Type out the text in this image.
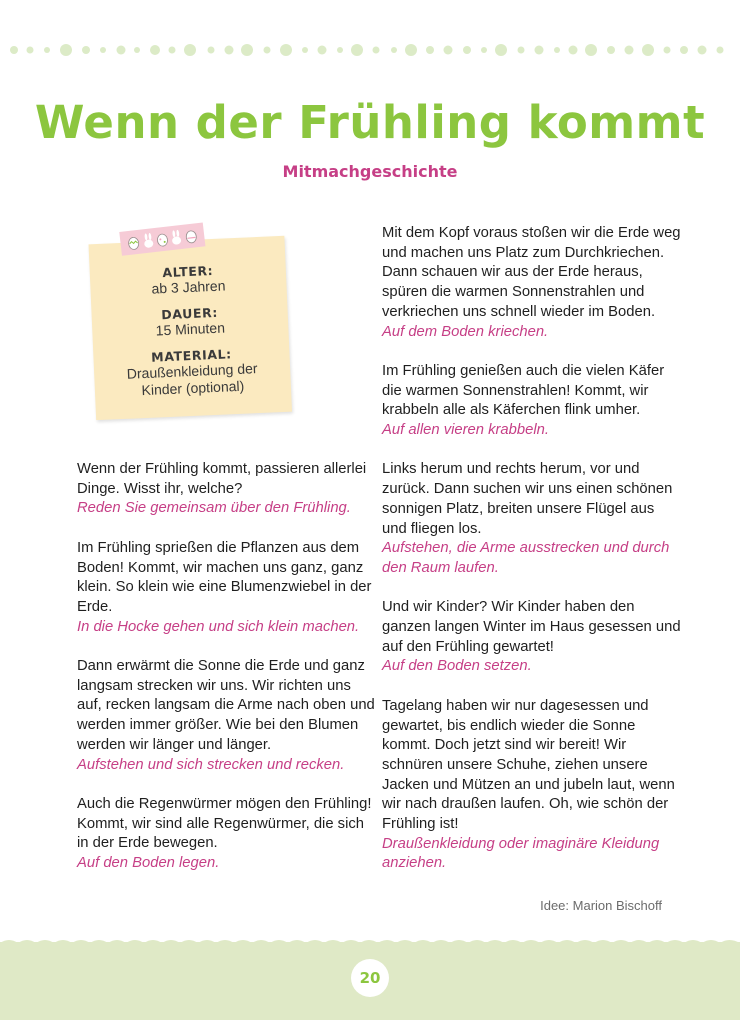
Wenn der Frühling kommt
Mitmachgeschichte

ALTER:

ab 3 Jahren

DAUER:

15 Minuten

MATERIAL:

Draußenkleidung der

Kinder (optional)

Wenn der Frühling kommt, passieren allerlei
Dinge. Wisst ihr, welche?
Reden Sie gemeinsam über den Frühling.

Im Frühling sprießen die Pflanzen aus dem
Boden! Kommt, wir machen uns ganz, ganz
klein. So klein wie eine Blumenzwiebel in der
Erde.
In die Hocke gehen und sich klein machen.

Dann erwärmt die Sonne die Erde und ganz
langsam strecken wir uns. Wir richten uns
auf, recken langsam die Arme nach oben und
werden immer größer. Wie bei den Blumen
werden wir länger und länger.
Aufstehen und sich strecken und recken.

Auch die Regenwürmer mögen den Frühling!
Kommt, wir sind alle Regenwürmer, die sich
in der Erde bewegen.
Auf den Boden legen.

Mit dem Kopf voraus stoßen wir die Erde weg
und machen uns Platz zum Durchkriechen.
Dann schauen wir aus der Erde heraus,
spüren die warmen Sonnenstrahlen und
verkriechen uns schnell wieder im Boden.
Auf dem Boden kriechen.

Im Frühling genießen auch die vielen Käfer
die warmen Sonnenstrahlen! Kommt, wir
krabbeln alle als Käferchen flink umher.
Auf allen vieren krabbeln.

Links herum und rechts herum, vor und
zurück. Dann suchen wir uns einen schönen
sonnigen Platz, breiten unsere Flügel aus
und fliegen los.
Aufstehen, die Arme ausstrecken und durch
den Raum laufen.

Und wir Kinder? Wir Kinder haben den
ganzen langen Winter im Haus gesessen und
auf den Frühling gewartet!
Auf den Boden setzen.

Tagelang haben wir nur dagesessen und
gewartet, bis endlich wieder die Sonne
kommt. Doch jetzt sind wir bereit! Wir
schnüren unsere Schuhe, ziehen unsere
Jacken und Mützen an und jubeln laut, wenn
wir nach draußen laufen. Oh, wie schön der
Frühling ist!
Draußenkleidung oder imaginäre Kleidung
anziehen.

Idee: Marion Bischoff

20
